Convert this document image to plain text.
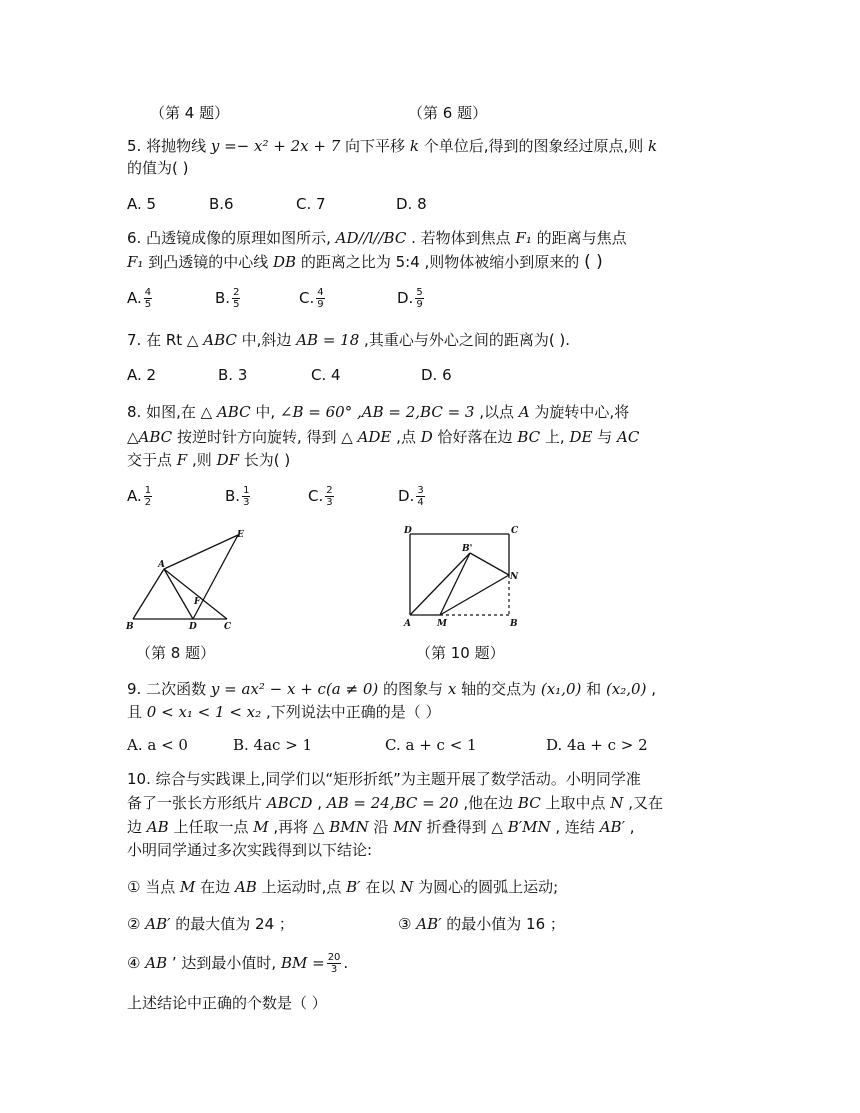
（第 4 题）	（第 6 题）
5. 将抛物线 y =− x² + 2x + 7 向下平移 k 个单位后,得到的图象经过原点,则 k
的值为( )
A. 5	B.6	C. 7	D. 8
6. 凸透镜成像的原理如图所示, AD//l//BC . 若物体到焦点 F₁ 的距离与焦点
F₁ 到凸透镜的中心线 DB 的距离之比为 5:4 ,则物体被缩小到原来的 ( )
A. $\frac{4}{5}$	B. $\frac{2}{5}$	C. $\frac{4}{9}$	D. $\frac{5}{9}$
7. 在 Rt △ ABC 中,斜边 AB = 18 ,其重心与外心之间的距离为( ).
A. 2	B. 3	C. 4	D. 6
8. 如图,在 △ ABC 中, ∠B = 60° ,AB = 2,BC = 3 ,以点 A 为旋转中心,将
△ABC 按逆时针方向旋转, 得到 △ ADE ,点 D 恰好落在边 BC 上, DE 与 AC
交于点 F ,则 DF 长为( )
A. $\frac{1}{2}$	B. $\frac{1}{3}$	C. $\frac{2}{3}$	D. $\frac{3}{4}$
A
B	C
D
E
F
（第 8 题）
D	C
B'
N
A	M	B
（第 10 题）
9. 二次函数 y = ax² − x + c(a ≠ 0) 的图象与 x 轴的交点为 (x₁,0) 和 (x₂,0) ,
且 0 < x₁ < 1 < x₂ ,下列说法中正确的是（ ）
A. a < 0	B. 4ac > 1	C. a + c < 1	D. 4a + c > 2
10. 综合与实践课上,同学们以“矩形折纸”为主题开展了数学活动。小明同学准
备了一张长方形纸片 ABCD , AB = 24,BC = 20 ,他在边 BC 上取中点 N ,又在
边 AB 上任取一点 M ,再将 △ BMN 沿 MN 折叠得到 △ B′MN , 连结 AB′ ,
小明同学通过多次实践得到以下结论:
① 当点 M 在边 AB 上运动时,点 B′ 在以 N 为圆心的圆弧上运动;
② AB′ 的最大值为 24 ；	③ AB′ 的最小值为 16 ；
④ AB ’ 达到最小值时, BM = $\frac{20}{3}$ .
上述结论中正确的个数是（ ）
